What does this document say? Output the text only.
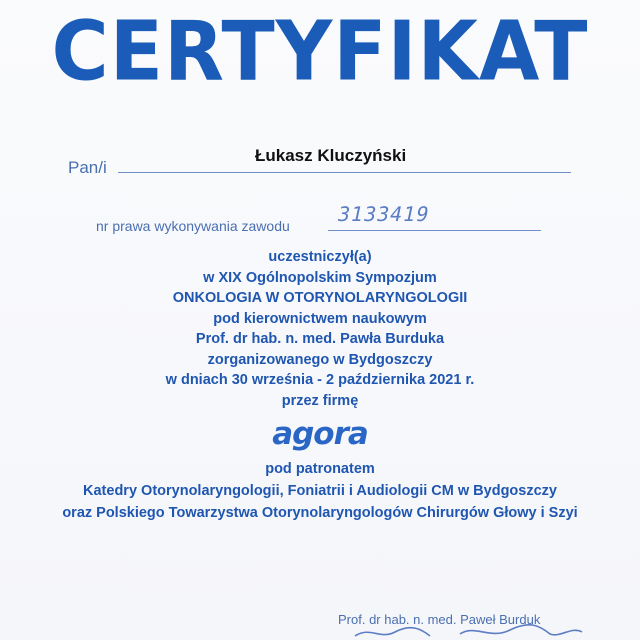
CERTYFIKAT
Pan/i
Łukasz Kluczyński
nr prawa wykonywania zawodu 3133419
uczestniczył(a)
w XIX Ogólnopolskim Sympozjum
ONKOLOGIA W OTORYNOLARYNGOLOGII
pod kierownictwem naukowym
Prof. dr hab. n. med. Pawła Burduka
zorganizowanego w Bydgoszczy
w dniach 30 września - 2 października 2021 r.
przez firmę
agora
pod patronatem
Katedry Otorynolaryngologii, Foniatrii i Audiologii CM w Bydgoszczy
oraz Polskiego Towarzystwa Otorynolaryngologów Chirurgów Głowy i Szyi
Prof. dr hab. n. med. Paweł Burduk
